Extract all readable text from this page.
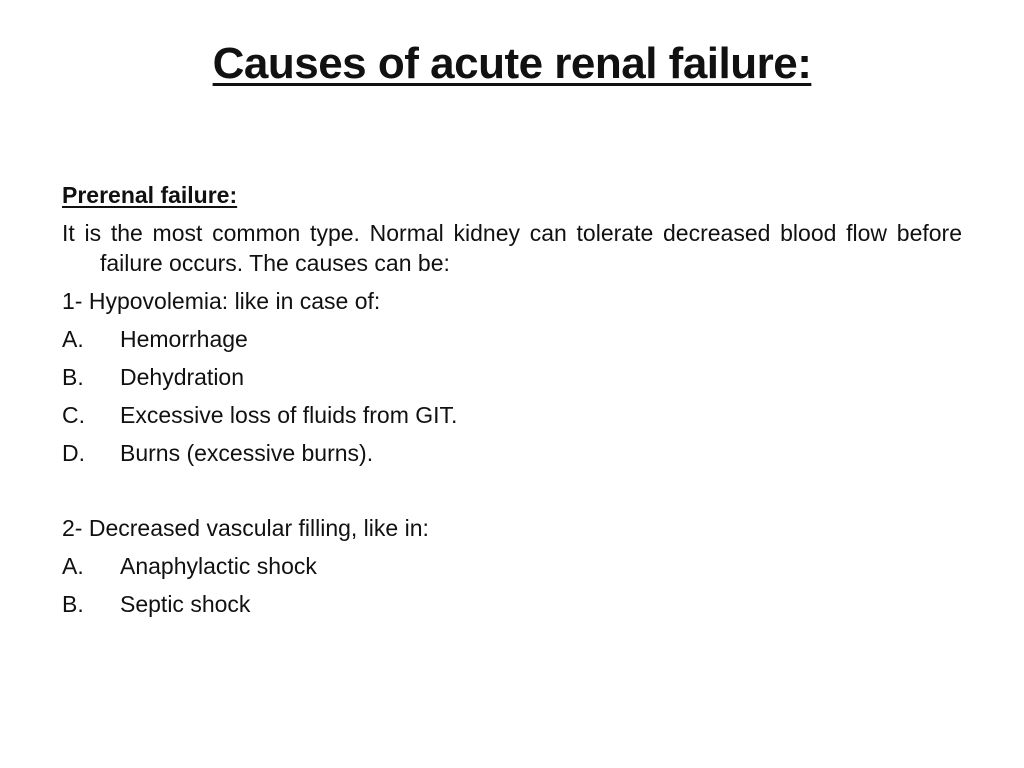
Causes of acute renal failure:
Prerenal failure:
It is the most common type. Normal kidney can tolerate decreased blood flow before failure occurs. The causes can be:
1- Hypovolemia: like in case of:
A.	Hemorrhage
B.	Dehydration
C.	Excessive loss of fluids from GIT.
D.	Burns (excessive burns).
2- Decreased vascular filling, like in:
A.	Anaphylactic shock
B.	Septic shock
